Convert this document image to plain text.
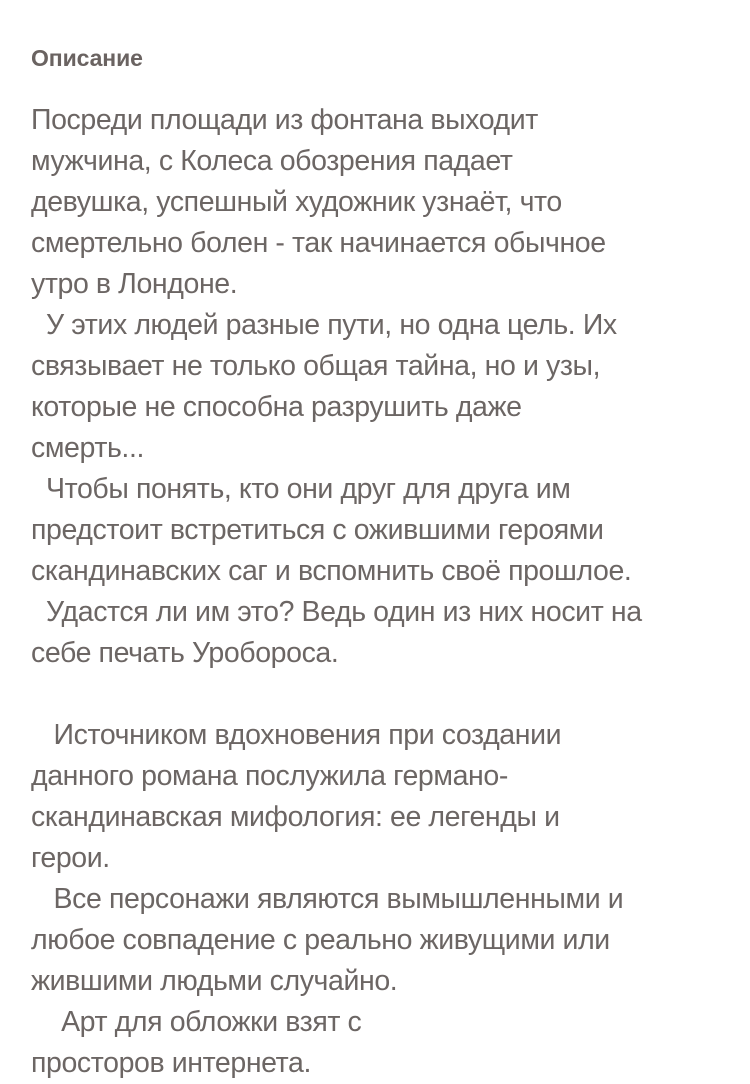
Описание
Посреди площади из фонтана выходит
мужчина, с Колеса обозрения падает
девушка, успешный художник узнаёт, что
смертельно болен - так начинается обычное
утро в Лондоне.
У этих людей разные пути, но одна цель. Их
связывает не только общая тайна, но и узы,
которые не способна разрушить даже
смерть...
Чтобы понять, кто они друг для друга им
предстоит встретиться с ожившими героями
скандинавских саг и вспомнить своё прошлое.
Удастся ли им это? Ведь один из них носит на
себе печать Уробороса.
Источником вдохновения при создании
данного романа послужила германо-
скандинавская мифология: ее легенды и
герои.
Все персонажи являются вымышленными и
любое совпадение с реально живущими или
жившими людьми случайно.
Арт для обложки взят с
просторов интернета.
